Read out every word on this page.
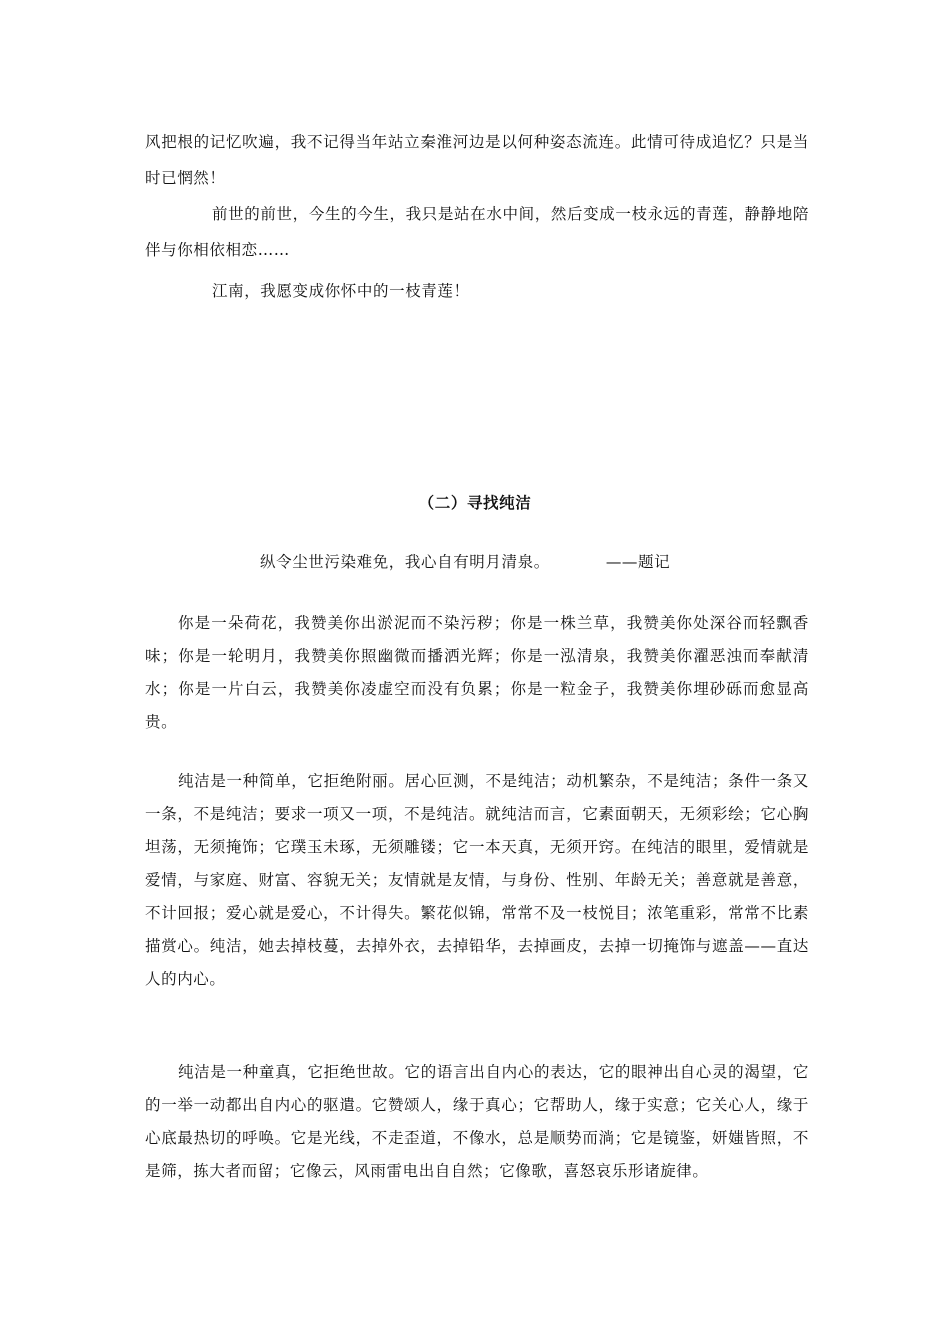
风把根的记忆吹遍，我不记得当年站立秦淮河边是以何种姿态流连。此情可待成追忆？只是当时已惘然！

前世的前世，今生的今生，我只是站在水中间，然后变成一枝永远的青莲，静静地陪伴与你相依相恋……

江南，我愿变成你怀中的一枝青莲！

（二）寻找纯洁

纵令尘世污染难免，我心自有明月清泉。	——题记

你是一朵荷花，我赞美你出淤泥而不染污秽；你是一株兰草，我赞美你处深谷而轻飘香味；你是一轮明月，我赞美你照幽微而播洒光辉；你是一泓清泉，我赞美你濯恶浊而奉献清水；你是一片白云，我赞美你凌虚空而没有负累；你是一粒金子，我赞美你埋砂砾而愈显高贵。

纯洁是一种简单，它拒绝附丽。居心叵测，不是纯洁；动机繁杂，不是纯洁；条件一条又一条，不是纯洁；要求一项又一项，不是纯洁。就纯洁而言，它素面朝天，无须彩绘；它心胸坦荡，无须掩饰；它璞玉未琢，无须雕镂；它一本天真，无须开窍。在纯洁的眼里，爱情就是爱情，与家庭、财富、容貌无关；友情就是友情，与身份、性别、年龄无关；善意就是善意，不计回报；爱心就是爱心，不计得失。繁花似锦，常常不及一枝悦目；浓笔重彩，常常不比素描赏心。纯洁，她去掉枝蔓，去掉外衣，去掉铅华，去掉画皮，去掉一切掩饰与遮盖——直达人的内心。

纯洁是一种童真，它拒绝世故。它的语言出自内心的表达，它的眼神出自心灵的渴望，它的一举一动都出自内心的驱遣。它赞颂人，缘于真心；它帮助人，缘于实意；它关心人，缘于心底最热切的呼唤。它是光线，不走歪道，不像水，总是顺势而淌；它是镜鉴，妍媸皆照，不是筛，拣大者而留；它像云，风雨雷电出自自然；它像歌，喜怒哀乐形诸旋律。
